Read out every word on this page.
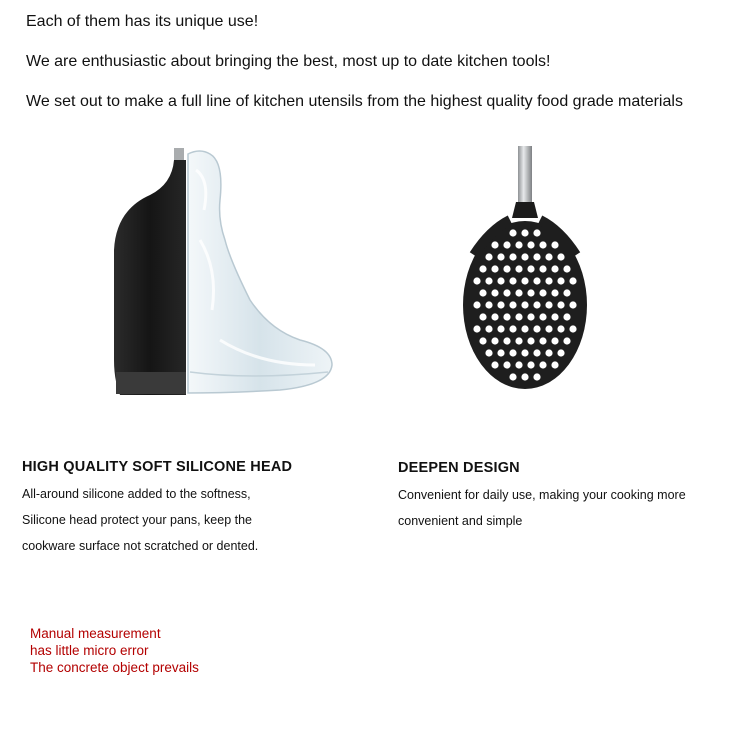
Each of them has its unique use!
We are enthusiastic about bringing the best, most up to date kitchen tools!
We set out to make a full line of kitchen utensils from the highest quality food grade materials
HIGH QUALITY SOFT SILICONE HEAD
All-around silicone added to the softness,
Silicone head protect your pans, keep the
cookware surface not scratched or dented.
DEEPEN DESIGN
Convenient for daily use, making your cooking more
convenient and simple
Manual measurement
has little micro error
The concrete object prevails
